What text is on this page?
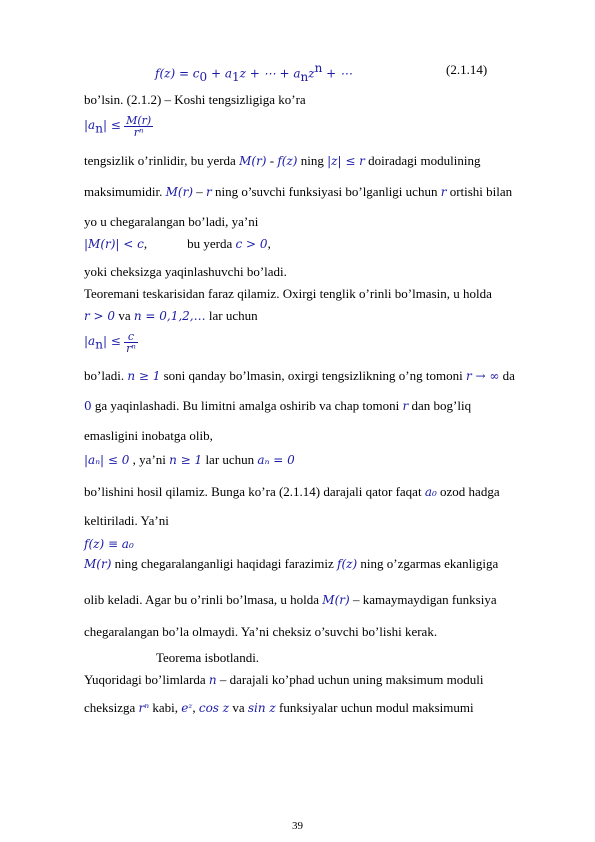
$f(z) = c_0 + a_1z$ + ⋯ + $a_nz^n$ + ⋯	(2.1.14)
bo’lsin. (2.1.2) – Koshi tengsizligiga ko’ra
$|a_n| \le \frac{M(r)}{\text{rⁿ}}$
tengsizlik o’rinlidir, bu yerda M(r) - f(z) ning |z| ≤ r doiradagi modulining
maksimumidir. M(r) – r ning o’suvchi funksiyasi bo’lganligi uchun r ortishi bilan
yo u chegaralangan bo’ladi, ya’ni
|M(r)| < c,	bu yerda c > 0,
yoki cheksizga yaqinlashuvchi bo’ladi.
Teoremani teskarisidan faraz qilamiz. Oxirgi tenglik o’rinli bo’lmasin, u holda
r > 0 va n = 0,1,2,… lar uchun
$|a_n| \le \frac{c}{\text{rⁿ}}$
bo’ladi. n ≥ 1 soni qanday bo’lmasin, oxirgi tengsizlikning o’ng tomoni r → ∞ da
0 ga yaqinlashadi. Bu limitni amalga oshirib va chap tomoni r dan bog’liq
emasligini inobatga olib,
|aₙ| ≤ 0 , ya’ni n ≥ 1 lar uchun aₙ = 0
bo’lishini hosil qilamiz. Bunga ko’ra (2.1.14) darajali qator faqat a₀ ozod hadga
keltiriladi. Ya’ni
f(z) ≡ a₀
M(r) ning chegaralanganligi haqidagi farazimiz f(z) ning o’zgarmas ekanligiga
olib keladi. Agar bu o’rinli bo’lmasa, u holda M(r) – kamaymaydigan funksiya
chegaralangan bo’la olmaydi. Ya’ni cheksiz o’suvchi bo’lishi kerak.
Teorema isbotlandi.
Yuqoridagi bo’limlarda n – darajali ko’phad uchun uning maksimum moduli
cheksizga rⁿ kabi, eᶻ, cos z va sin z funksiyalar uchun modul maksimumi
39
